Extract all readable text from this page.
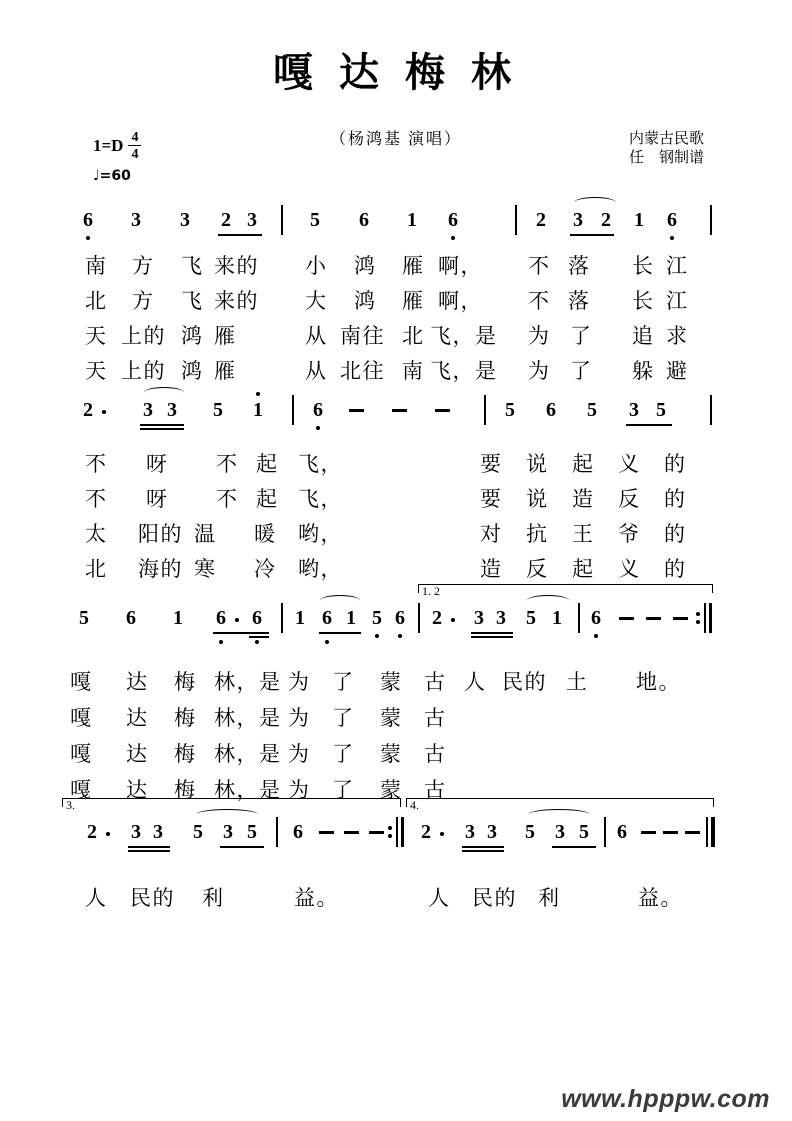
嘎 达 梅 林
（杨鸿基 演唱）
$1=D \frac{4}{4}$
♩=60
内蒙古民歌
任　钢制谱
6 3 3 2 3	5 6 1 6	2 3 2 1 6
南 方 飞 来的 小 鸿 雁 啊， 不 落 长 江
北 方 飞 来的 大 鸿 雁 啊， 不 落 长 江
天 上的 鸿 雁	从 南往 北 飞，是 为 了 追 求
天 上的 鸿 雁	从 北往 南 飞，是 为 了 躲 避
2	3 3 5 1	6	5 6 5 3 5
不 呀 不 起 飞，	要 说 起 义 的
不 呀 不 起 飞，	要 说 造 反 的
太 阳的 温 暖 哟，	对 抗 王 爷 的
北 海的 寒 冷 哟，	造 反 起 义 的
5 6 1 6 6 1 6 1 5 6 2 3 3 5 1 6
1. 2
嘎 达 梅 林，是 为 了 蒙 古 人 民的 土 地。
嘎 达 梅 林，是 为 了 蒙 古
嘎 达 梅 林，是 为 了 蒙 古
嘎 达 梅 林，是 为 了 蒙 古
2 3 3 5 3 5 6	2 3 3 5 3 5 6
3.	4.
人 民的 利	益。	人 民的 利	益。
www.hpppw.com
